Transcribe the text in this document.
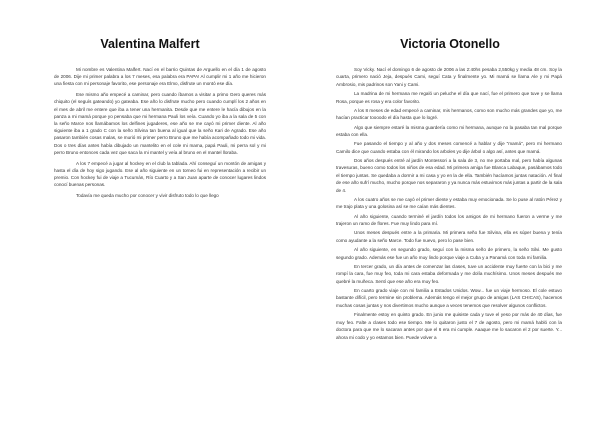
Valentina Malfert

Mi nombre es Valentina Malfert. Nací en el barrio Quintas de Arguello en el día 1 de agosto de 2006. Dije mi primer palabra a los 7 meses, esa palabra era PAPA! Al cumplir mi 1 año me hicieron una fiesta con mi personaje favorito, ese personaje era Elmo, disfrute un montó ese día.

Ese mismo año empecé a caminar, pero cuando íbamos a visitar a primo Gero queres más chiquito (el seguís gateando) yo gateaba. Ese año lo disfrute mucho pero cuando cumplí los 2 años en el mes de abril me entere que iba a tener una hermanita. Desde que me entere le hacía dibujos en la panza a mi mamá porque yo pensaba que mi hermana Pauli los veía. Cuando yo iba a la sala de 5 con la seño Marce nos llamábamos los delfines jugaderes, ese año se me cayó mi primer diente. Al año siguiente iba a 1 grado C con la seño Silvina tan buena al igual que la seño Kari de Agrado. Ese año pasaron también cosas malas, se murió mi primer perro Bruno que me había acompañado todo mi vida. Dos o tres días antes había dibujado un mantelito en el cole mi mama, papá Pauli, mi perra sol y mi perro Bruno entonces cada vez que saca la mi mantel y veía al bruno en el mantel lloraba.

A los 7 empecé a jugar al hockey en el club la tablada. Ahí conseguí un montón de amigas y hasta el día de hoy sigo jugando. Ese al año siguiente en un torneo fui en representación a recibir un premio. Con hockey fui de viaje a Tucumán, Río Cuarto y a San Juan aparte de conocer lugares lindos conocí buenas personas.

Todavía me queda mucho por conocer y vivir disfruto todo lo que llego

Victoria Otonello

Soy Vicky. Nací el domingo 6 de agosto de 2006 a las 2:40hs pesaba 2,550kg y media 48 cm. Soy la cuarta, primero nació Jeja, después Cami, seguí Cata y finalmente yo. Mi mamá se llama Ale y mi Papá Ambrosio, mis padrinos son Yani y Cami.

La madrina de mi hermana me regaló un peluche el día que nací, fue el primero que tuve y se llama Rosa, porque es rosa y era color favorito.

A los 8 meses de edad empecé a caminar, mis hermanos, como son mucho más grandes que yo, me hacían practicar toooodo el día hasta que lo logré.

Algo que siempre estaré la misma guardería como mi hermana, aunque no la pasaba tan mal porque estaba con ella.

Fue pasando el tiempo y al año y dos meses comencé a hablar y dije "mamá", pero mi hermano Camilo dice que cuando estaba con él mirando los arboles yo dije árbol o algo así, antes que mamá.

Dos años después entré al jardín Montessori a la sala de 3, no me portaba mal, pero había algunas travesuras, bueno como todos los niños de esa edad. Mi primera amiga fue Blanca Labaque, pasábamos todo el tiempo juntas. Se quedaba a dormir a mi casa y yo en la de ella. También hacíamos juntas natación. Al final de ese año sufrí mucho, mucho porque nos separaron y ya nunca más estuvimos más juntas a partir de la sala de 4.

A los cuatro años se me cayó el primer diente y estaba muy emocionada. Se lo puse al ratón Pérez y me trajo plata y una golosina así se me caían más dientes.

Al año siguiente, cuando terminé el jardín todos los amigos de mi hermano fueron a verme y me trajeron un ramo de flores. Fue muy lindo para mí.

Unos meses después entre a la primaria. Mi primera seño fue Silvina, ella es súper buena y tenía como ayudante a la seño Marce. Todo fue nuevo, pero lo pase bien.

Al año siguiente, en segundo grado, seguí con la misma seño de primero, la seño Silvi. Me gusto segundo grado. Además ese fue un año muy lindo porque viaje a Cuba y a Panamá con toda mi familia.

En tercer grado, un día antes de comenzar las clases, tuve un accidente muy fuerte con la bici y me rompí la cara, fue muy feo, toda mi cara estaba deformada y me dolía muchísimo. Unos meses después me quebré la muñeca. Sentí que ese año era muy feo.

En cuarto grado viaje con mi familia a Estados Unidos. Wow... fue un viaje hermoso. El cole estuvo bastante difícil, pero termine sin problema. Además tengo el mejor grupo de amigas (LAS CHICAS), hacemos muchas cosas juntas y nos divertimos mucho aunque a veces tenemos que resolver algunos conflictos.

Finalmente estoy en quinto grado. En junio me quisiste cada y tuve el yeso por más de 40 días, fue muy feo. Falte a clases todo ese tiempo. Me lo quitaron justo el 7 de agosto, pero mi mamá habló con la doctora para que me lo sacaran antes por que el 6 era mi cumple. Aaaque me lo sacaron el 2 por suerte. Y... ahora mi codo y yo estamos bien. Puede volver a
